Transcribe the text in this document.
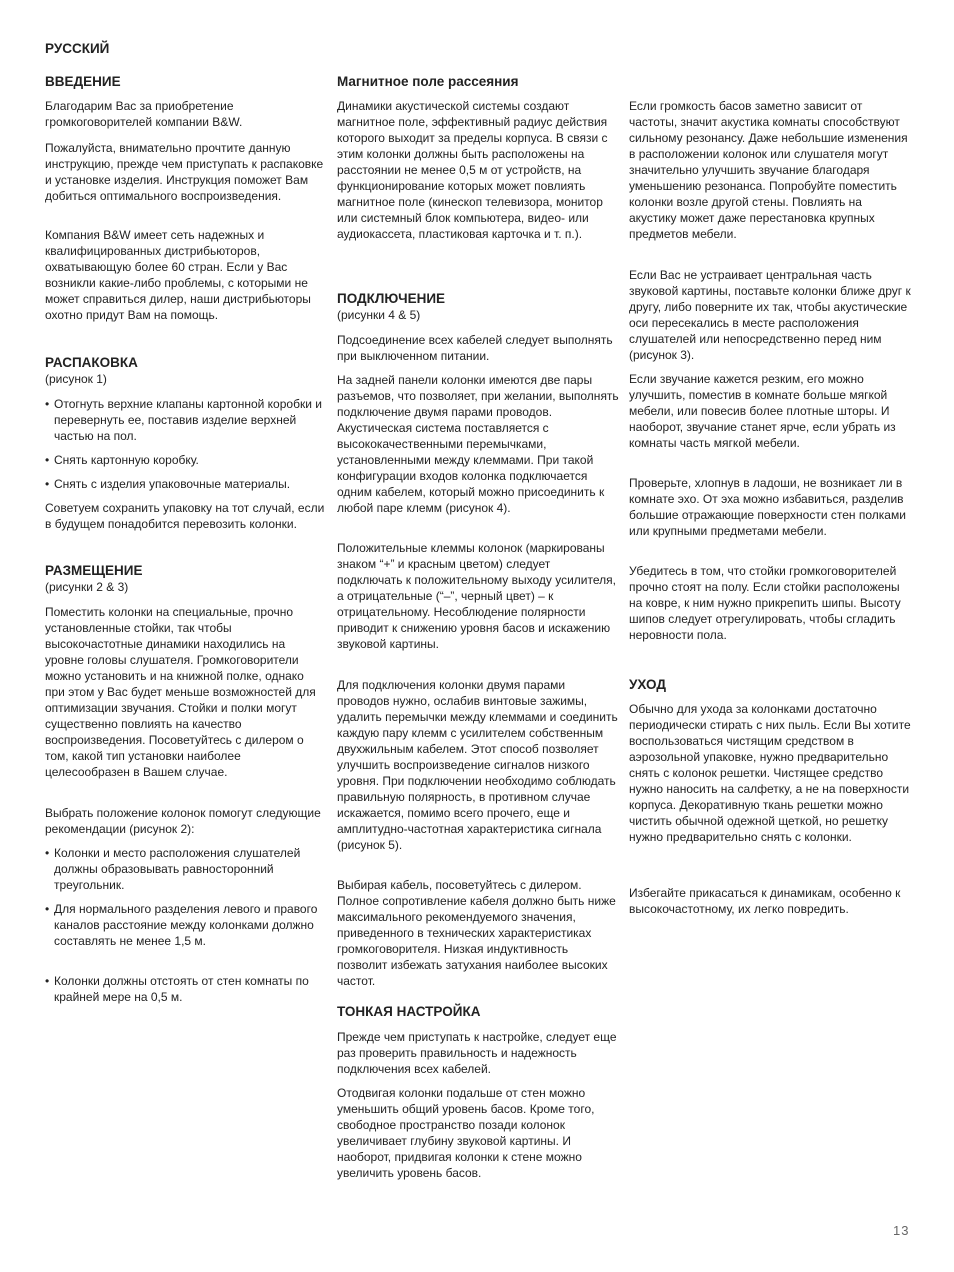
РУССКИЙ
ВВЕДЕНИЕ

Благодарим Вас за приобретение громкоговорителей компании B&W.

Пожалуйста, внимательно прочтите данную инструкцию, прежде чем приступать к распаковке и установке изделия. Инструкция поможет Вам добиться оптимального воспроизведения.

Компания B&W имеет сеть надежных и квалифицированных дистрибьюторов, охватывающую более 60 стран. Если у Вас возникли какие-либо проблемы, с которыми не может справиться дилер, наши дистрибьюторы охотно придут Вам на помощь.

РАСПАКОВКА

(рисунок 1)

• Отогнуть верхние клапаны картонной коробки и перевернуть ее, поставив изделие верхней частью на пол.
• Снять картонную коробку.
• Снять с изделия упаковочные материалы.

Советуем сохранить упаковку на тот случай, если в будущем понадобится перевозить колонки.

РАЗМЕЩЕНИЕ

(рисунки 2 & 3)

Поместить колонки на специальные, прочно установленные стойки, так чтобы высокочастотные динамики находились на уровне головы слушателя. Громкоговорители можно установить и на книжной полке, однако при этом у Вас будет меньше возможностей для оптимизации звучания. Стойки и полки могут существенно повлиять на качество воспроизведения. Посоветуйтесь с дилером о том, какой тип установки наиболее целесообразен в Вашем случае.

Выбрать положение колонок помогут следующие рекомендации (рисунок 2):

• Колонки и место расположения слушателей должны образовывать равносторонний треугольник.
• Для нормального разделения левого и правого каналов расстояние между колонками должно составлять не менее 1,5 м.
• Колонки должны отстоять от стен комнаты по крайней мере на 0,5 м.
Магнитное поле рассеяния

Динамики акустической системы создают магнитное поле, эффективный радиус действия которого выходит за пределы корпуса. В связи с этим колонки должны быть расположены на расстоянии не менее 0,5 м от устройств, на функционирование которых может повлиять магнитное поле (кинескоп телевизора, монитор или системный блок компьютера, видео- или аудиокассета, пластиковая карточка и т. п.).

ПОДКЛЮЧЕНИЕ

(рисунки 4 & 5)

Подсоединение всех кабелей следует выполнять при выключенном питании.

На задней панели колонки имеются две пары разъемов, что позволяет, при желании, выполнять подключение двумя парами проводов. Акустическая система поставляется с высококачественными перемычками, установленными между клеммами. При такой конфигурации входов колонка подключается одним кабелем, который можно присоединить к любой паре клемм (рисунок 4).

Положительные клеммы колонок (маркированы знаком “+” и красным цветом) следует подключать к положительному выходу усилителя, а отрицательные (“–”, черный цвет) – к отрицательному. Несоблюдение полярности приводит к снижению уровня басов и искажению звуковой картины.

Для подключения колонки двумя парами проводов нужно, ослабив винтовые зажимы, удалить перемычки между клеммами и соединить каждую пару клемм с усилителем собственным двухжильным кабелем. Этот способ позволяет улучшить воспроизведение сигналов низкого уровня. При подключении необходимо соблюдать правильную полярность, в противном случае искажается, помимо всего прочего, еще и амплитудно-частотная характеристика сигнала (рисунок 5).

Выбирая кабель, посоветуйтесь с дилером. Полное сопротивление кабеля должно быть ниже максимального рекомендуемого значения, приведенного в технических характеристиках громкоговорителя. Низкая индуктивность позволит избежать затухания наиболее высоких частот.

ТОНКАЯ НАСТРОЙКА

Прежде чем приступать к настройке, следует еще раз проверить правильность и надежность подключения всех кабелей.

Отодвигая колонки подальше от стен можно уменьшить общий уровень басов. Кроме того, свободное пространство позади колонок увеличивает глубину звуковой картины. И наоборот, придвигая колонки к стене можно увеличить уровень басов.

Если громкость басов заметно зависит от частоты, значит акустика комнаты способствуют сильному резонансу. Даже небольшие изменения в расположении колонок или слушателя могут значительно улучшить звучание благодаря уменьшению резонанса. Попробуйте поместить колонки возле другой стены. Повлиять на акустику может даже перестановка крупных предметов мебели.

Если Вас не устраивает центральная часть звуковой картины, поставьте колонки ближе друг к другу, либо поверните их так, чтобы акустические оси пересекались в месте расположения слушателей или непосредственно перед ним (рисунок 3).

Если звучание кажется резким, его можно улучшить, поместив в комнате больше мягкой мебели, или повесив более плотные шторы. И наоборот, звучание станет ярче, если убрать из комнаты часть мягкой мебели.

Проверьте, хлопнув в ладоши, не возникает ли в комнате эхо. От эха можно избавиться, разделив большие отражающие поверхности стен полками или крупными предметами мебели.

Убедитесь в том, что стойки громкоговорителей прочно стоят на полу. Если стойки расположены на ковре, к ним нужно прикрепить шипы. Высоту шипов следует отрегулировать, чтобы сгладить неровности пола.

УХОД

Обычно для ухода за колонками достаточно периодически стирать с них пыль. Если Вы хотите воспользоваться чистящим средством в аэрозольной упаковке, нужно предварительно снять с колонок решетки. Чистящее средство нужно наносить на салфетку, а не на поверхности корпуса. Декоративную ткань решетки можно чистить обычной одежной щеткой, но решетку нужно предварительно снять с колонки.

Избегайте прикасаться к динамикам, особенно к высокочастотному, их легко повредить.

13
